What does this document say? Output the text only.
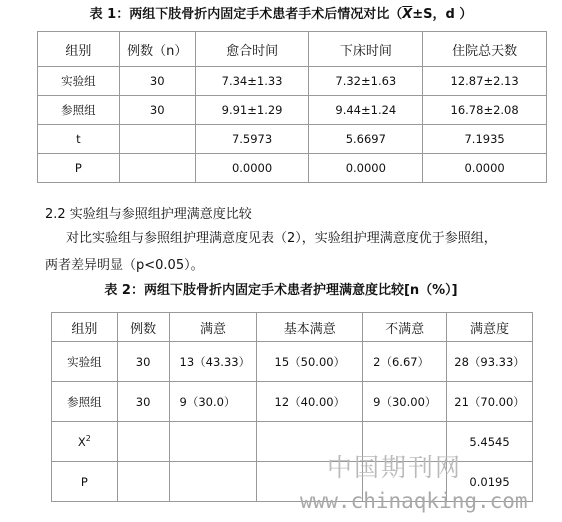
表 1：两组下肢骨折内固定手术患者手术后情况对比（$\overline{X}\pm S$，d ）
组别	例数（n）	愈合时间	下床时间	住院总天数
实验组	30	7.34±1.33	7.32±1.63	12.87±2.13
参照组	30	9.91±1.29	9.44±1.24	16.78±2.08
t		7.5973	5.6697	7.1935
P		0.0000	0.0000	0.0000
2.2 实验组与参照组护理满意度比较
对比实验组与参照组护理满意度见表（2），实验组护理满意度优于参照组，
两者差异明显（p<0.05）。
表 2：两组下肢骨折内固定手术患者护理满意度比较[n（%）]
组别	例数	满意	基本满意	不满意	满意度
实验组	30	13（43.33）	15（50.00）	2（6.67）	28（93.33）
参照组	30	9（30.0）	12（40.00）	9（30.00）	21（70.00）
$X^2$					5.4545
P					0.0195
中国期刊网
www.chinaqking.com
